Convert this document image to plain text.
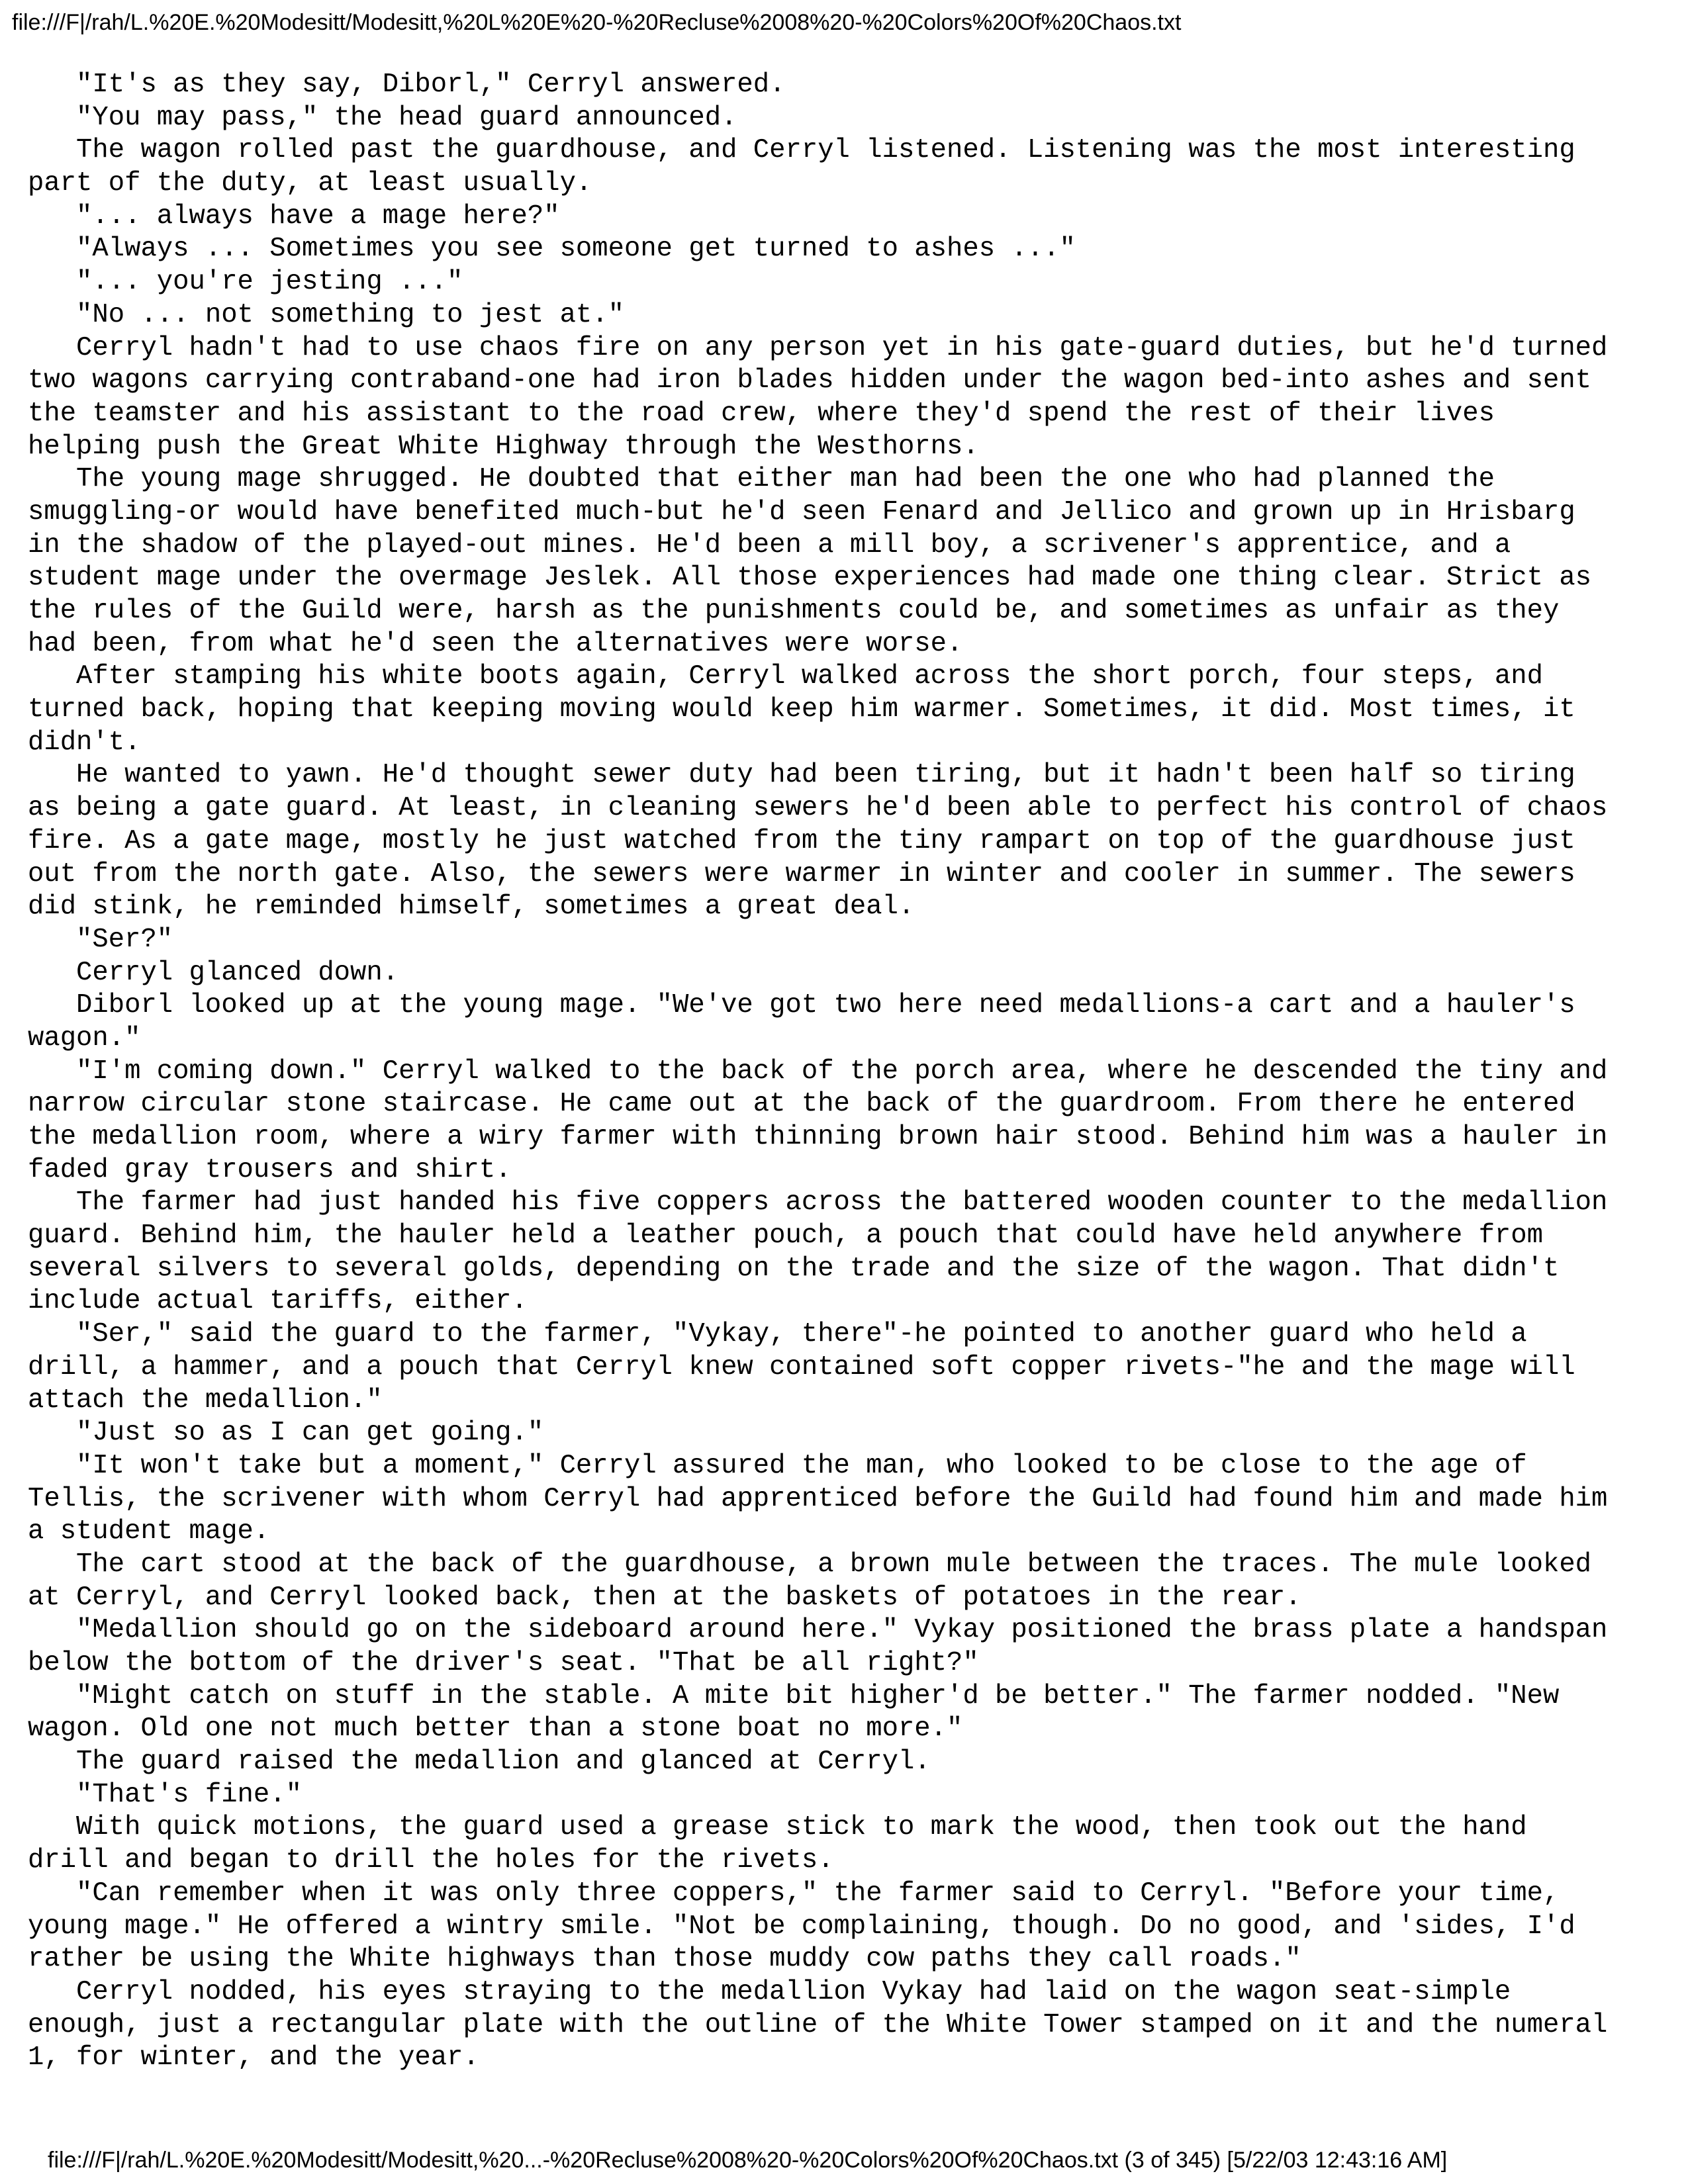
file:///F|/rah/L.%20E.%20Modesitt/Modesitt,%20L%20E%20-%20Recluse%2008%20-%20Colors%20Of%20Chaos.txt
"It's as they say, Diborl," Cerryl answered.
"You may pass," the head guard announced.
The wagon rolled past the guardhouse, and Cerryl listened. Listening was the most interesting
part of the duty, at least usually.
"... always have a mage here?"
"Always ... Sometimes you see someone get turned to ashes ..."
"... you're jesting ..."
"No ... not something to jest at."
Cerryl hadn't had to use chaos fire on any person yet in his gate-guard duties, but he'd turned
two wagons carrying contraband-one had iron blades hidden under the wagon bed-into ashes and sent
the teamster and his assistant to the road crew, where they'd spend the rest of their lives
helping push the Great White Highway through the Westhorns.
The young mage shrugged. He doubted that either man had been the one who had planned the
smuggling-or would have benefited much-but he'd seen Fenard and Jellico and grown up in Hrisbarg
in the shadow of the played-out mines. He'd been a mill boy, a scrivener's apprentice, and a
student mage under the overmage Jeslek. All those experiences had made one thing clear. Strict as
the rules of the Guild were, harsh as the punishments could be, and sometimes as unfair as they
had been, from what he'd seen the alternatives were worse.
After stamping his white boots again, Cerryl walked across the short porch, four steps, and
turned back, hoping that keeping moving would keep him warmer. Sometimes, it did. Most times, it
didn't.
He wanted to yawn. He'd thought sewer duty had been tiring, but it hadn't been half so tiring
as being a gate guard. At least, in cleaning sewers he'd been able to perfect his control of chaos
fire. As a gate mage, mostly he just watched from the tiny rampart on top of the guardhouse just
out from the north gate. Also, the sewers were warmer in winter and cooler in summer. The sewers
did stink, he reminded himself, sometimes a great deal.
"Ser?"
Cerryl glanced down.
Diborl looked up at the young mage. "We've got two here need medallions-a cart and a hauler's
wagon."
"I'm coming down." Cerryl walked to the back of the porch area, where he descended the tiny and
narrow circular stone staircase. He came out at the back of the guardroom. From there he entered
the medallion room, where a wiry farmer with thinning brown hair stood. Behind him was a hauler in
faded gray trousers and shirt.
The farmer had just handed his five coppers across the battered wooden counter to the medallion
guard. Behind him, the hauler held a leather pouch, a pouch that could have held anywhere from
several silvers to several golds, depending on the trade and the size of the wagon. That didn't
include actual tariffs, either.
"Ser," said the guard to the farmer, "Vykay, there"-he pointed to another guard who held a
drill, a hammer, and a pouch that Cerryl knew contained soft copper rivets-"he and the mage will
attach the medallion."
"Just so as I can get going."
"It won't take but a moment," Cerryl assured the man, who looked to be close to the age of
Tellis, the scrivener with whom Cerryl had apprenticed before the Guild had found him and made him
a student mage.
The cart stood at the back of the guardhouse, a brown mule between the traces. The mule looked
at Cerryl, and Cerryl looked back, then at the baskets of potatoes in the rear.
"Medallion should go on the sideboard around here." Vykay positioned the brass plate a handspan
below the bottom of the driver's seat. "That be all right?"
"Might catch on stuff in the stable. A mite bit higher'd be better." The farmer nodded. "New
wagon. Old one not much better than a stone boat no more."
The guard raised the medallion and glanced at Cerryl.
"That's fine."
With quick motions, the guard used a grease stick to mark the wood, then took out the hand
drill and began to drill the holes for the rivets.
"Can remember when it was only three coppers," the farmer said to Cerryl. "Before your time,
young mage." He offered a wintry smile. "Not be complaining, though. Do no good, and 'sides, I'd
rather be using the White highways than those muddy cow paths they call roads."
Cerryl nodded, his eyes straying to the medallion Vykay had laid on the wagon seat-simple
enough, just a rectangular plate with the outline of the White Tower stamped on it and the numeral
1, for winter, and the year.
file:///F|/rah/L.%20E.%20Modesitt/Modesitt,%20...-%20Recluse%2008%20-%20Colors%20Of%20Chaos.txt (3 of 345) [5/22/03 12:43:16 AM]
